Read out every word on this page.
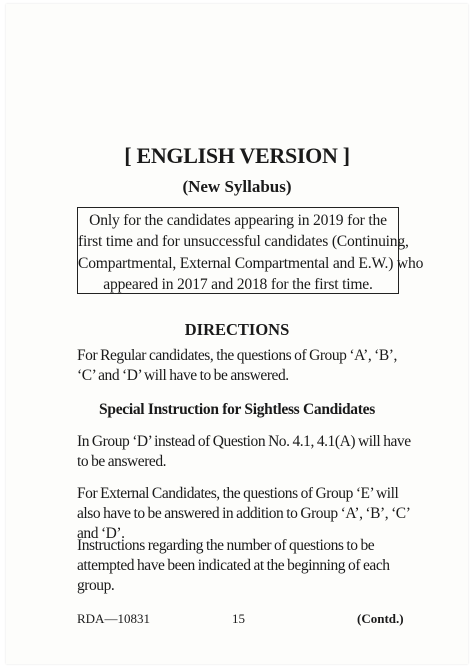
[ ENGLISH VERSION ]
(New Syllabus)
Only for the candidates appearing in 2019 for the
first time and for unsuccessful candidates (Continuing,
Compartmental, External Compartmental and E.W.) who
appeared in 2017 and 2018 for the first time.
DIRECTIONS
For Regular candidates, the questions of Group ‘A’, ‘B’, ‘C’ and ‘D’ will have to be answered.
Special Instruction for Sightless Candidates
In Group ‘D’ instead of Question No. 4.1, 4.1(A) will have to be answered.
For External Candidates, the questions of Group ‘E’ will also have to be answered in addition to Group ‘A’, ‘B’, ‘C’ and ‘D’.
Instructions regarding the number of questions to be attempted have been indicated at the beginning of each group.
RDA—10831	15	(Contd.)
